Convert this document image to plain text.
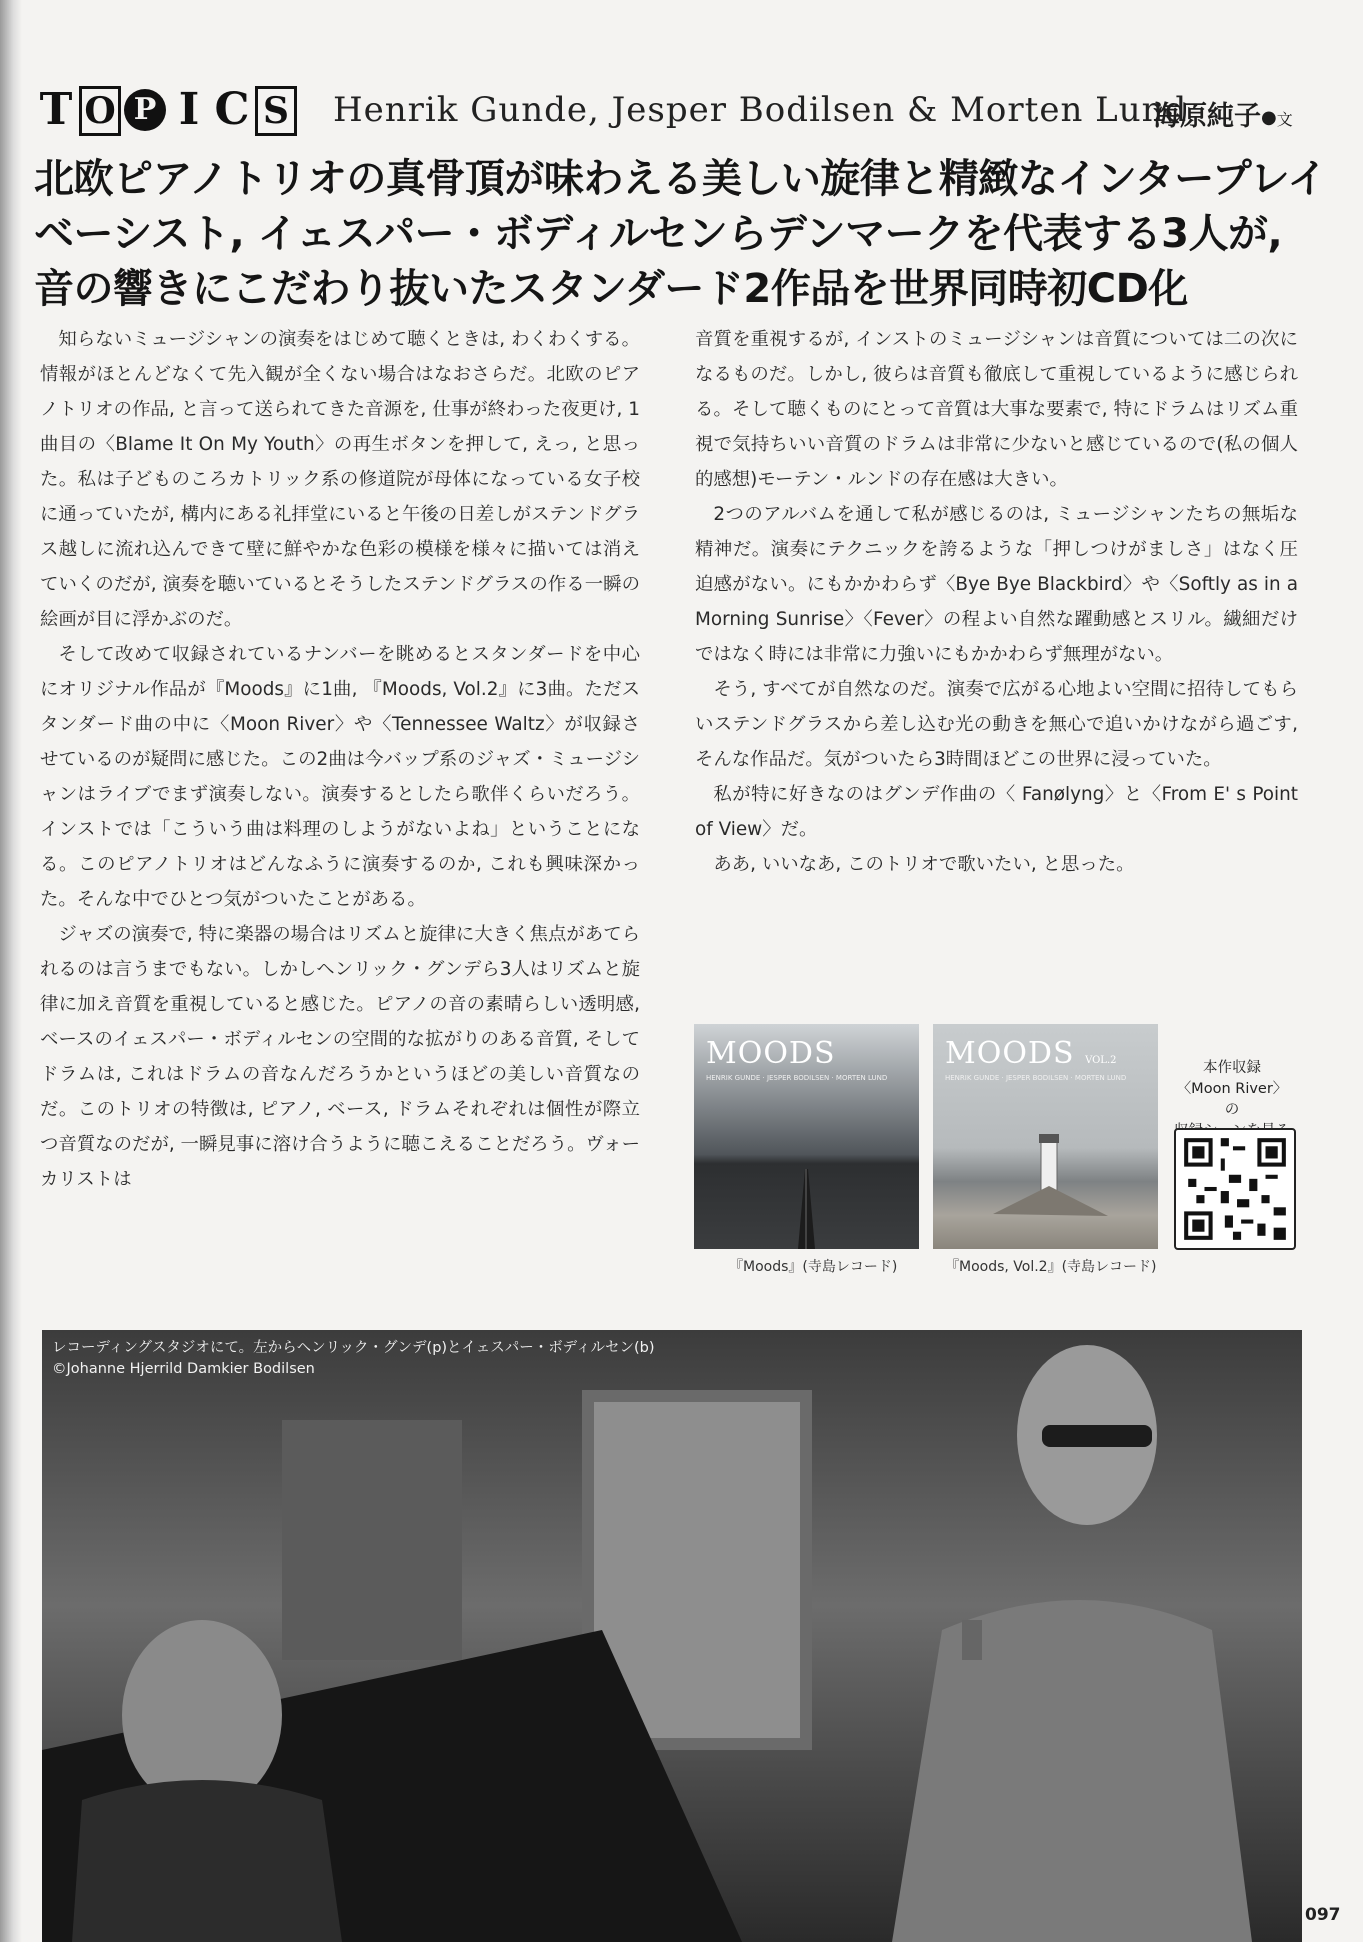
T O P I C S Henrik Gunde, Jesper Bodilsen & Morten Lund
海原純子●文
北欧ピアノトリオの真骨頂が味わえる美しい旋律と精緻なインタープレイ
ベーシスト, イェスパー・ボディルセンらデンマークを代表する3人が,
音の響きにこだわり抜いたスタンダード2作品を世界同時初CD化

知らないミュージシャンの演奏をはじめて聴くときは, わくわくする。情報がほとんどなくて先入観が全くない場合はなおさらだ。北欧のピアノトリオの作品, と言って送られてきた音源を, 仕事が終わった夜更け, 1曲目の〈Blame It On My Youth〉の再生ボタンを押して, えっ, と思った。私は子どものころカトリック系の修道院が母体になっている女子校に通っていたが, 構内にある礼拝堂にいると午後の日差しがステンドグラス越しに流れ込んできて壁に鮮やかな色彩の模様を様々に描いては消えていくのだが, 演奏を聴いているとそうしたステンドグラスの作る一瞬の絵画が目に浮かぶのだ。

そして改めて収録されているナンバーを眺めるとスタンダードを中心にオリジナル作品が『Moods』に1曲, 『Moods, Vol.2』に3曲。ただスタンダード曲の中に〈Moon River〉や〈Tennessee Waltz〉が収録させているのが疑問に感じた。この2曲は今バップ系のジャズ・ミュージシャンはライブでまず演奏しない。演奏するとしたら歌伴くらいだろう。インストでは「こういう曲は料理のしようがないよね」ということになる。このピアノトリオはどんなふうに演奏するのか, これも興味深かった。そんな中でひとつ気がついたことがある。

ジャズの演奏で, 特に楽器の場合はリズムと旋律に大きく焦点があてられるのは言うまでもない。しかしヘンリック・グンデら3人はリズムと旋律に加え音質を重視していると感じた。ピアノの音の素晴らしい透明感, ベースのイェスパー・ボディルセンの空間的な拡がりのある音質, そしてドラムは, これはドラムの音なんだろうかというほどの美しい音質なのだ。このトリオの特徴は, ピアノ, ベース, ドラムそれぞれは個性が際立つ音質なのだが, 一瞬見事に溶け合うように聴こえることだろう。ヴォーカリストは

音質を重視するが, インストのミュージシャンは音質については二の次になるものだ。しかし, 彼らは音質も徹底して重視しているように感じられる。そして聴くものにとって音質は大事な要素で, 特にドラムはリズム重視で気持ちいい音質のドラムは非常に少ないと感じているので(私の個人的感想)モーテン・ルンドの存在感は大きい。

2つのアルバムを通して私が感じるのは, ミュージシャンたちの無垢な精神だ。演奏にテクニックを誇るような「押しつけがましさ」はなく圧迫感がない。にもかかわらず〈Bye Bye Blackbird〉や〈Softly as in a Morning Sunrise〉〈Fever〉の程よい自然な躍動感とスリル。繊細だけではなく時には非常に力強いにもかかわらず無理がない。

そう, すべてが自然なのだ。演奏で広がる心地よい空間に招待してもらいステンドグラスから差し込む光の動きを無心で追いかけながら過ごす, そんな作品だ。気がついたら3時間ほどこの世界に浸っていた。

私が特に好きなのはグンデ作曲の〈 Fanølyng〉と〈From E' s Point of View〉だ。

ああ, いいなあ, このトリオで歌いたい, と思った。

MOODS
HENRIK GUNDE · JESPER BODILSEN · MORTEN LUND
MOODS VOL.2
HENRIK GUNDE · JESPER BODILSEN · MORTEN LUND
『Moods』(寺島レコード)	『Moods, Vol.2』(寺島レコード)
本作収録
〈Moon River〉の
レコーディングスタジオにて。左からヘンリック・グンデ(p)とイェスパー・ボディルセン(b)
©Johanne Hjerrild Damkier Bodilsen
097
